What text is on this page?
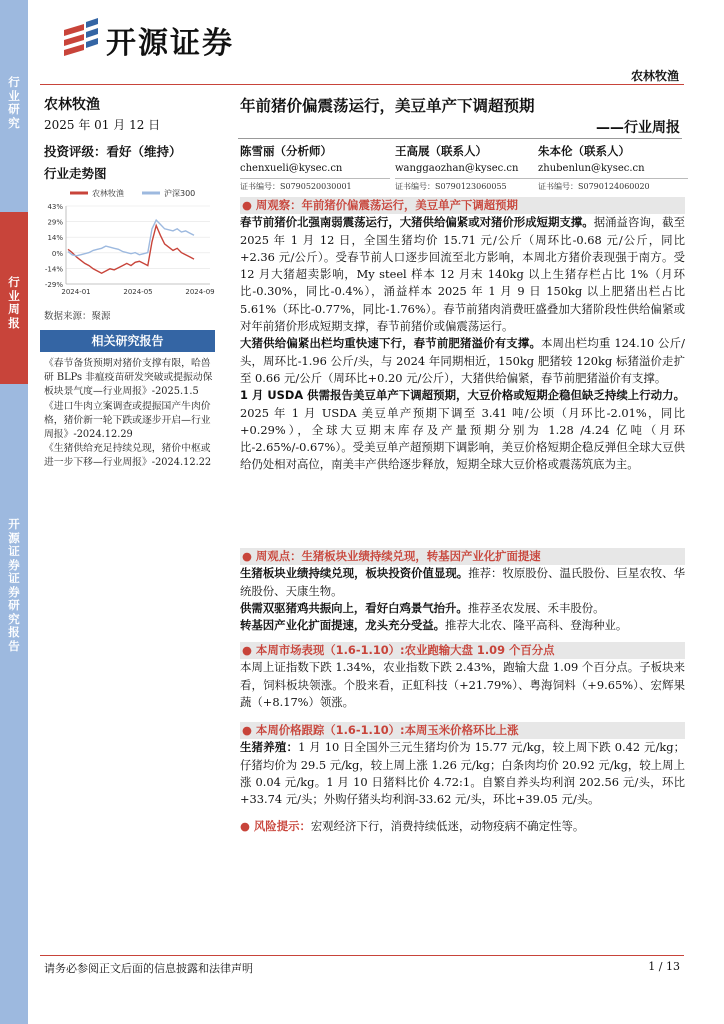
行业研究
行业周报
开源证券 证券研究报告
开源证券
农林牧渔
农林牧渔
2025 年 01 月 12 日
投资评级：看好（维持）
行业走势图
农林牧渔	沪深300
43%
29%
14%
0%
-14%
-29%
2024-01	2024-05	2024-09
数据来源：聚源
相关研究报告

《春节备货预期对猪价支撑有限，哈兽研 BLPs 非瘟疫苗研发突破或提振动保板块景气度—行业周报》-2025.1.5

《进口牛肉立案调查或提振国产牛肉价格，猪价新一轮下跌或逐步开启—行业周报》-2024.12.29

《生猪供给充足持续兑现，猪价中枢或进一步下移—行业周报》-2024.12.22

年前猪价偏震荡运行，美豆单产下调超预期
——行业周报
陈雪丽（分析师）
chenxueli@kysec.cn
证书编号：S0790520030001
王高展（联系人）
wanggaozhan@kysec.cn
证书编号：S0790123060055
朱本伦（联系人）
zhubenlun@kysec.cn
证书编号：S0790124060020
● 周观察：年前猪价偏震荡运行，美豆单产下调超预期

春节前猪价北强南弱震荡运行，大猪供给偏紧或对猪价形成短期支撑。据涌益咨询，截至 2025 年 1 月 12 日，全国生猪均价 15.71 元/公斤（周环比-0.68 元/公斤，同比+2.36 元/公斤）。受春节前人口逐步回流至北方影响，本周北方猪价表现强于南方。受 12 月大猪超卖影响，My steel 样本 12 月末 140kg 以上生猪存栏占比 1%（月环比-0.30%，同比-0.4%），涌益样本 2025 年 1 月 9 日 150kg 以上肥猪出栏占比 5.61%（环比-0.77%，同比-1.76%）。春节前猪肉消费旺盛叠加大猪阶段性供给偏紧或对年前猪价形成短期支撑，春节前猪价或偏震荡运行。

大猪供给偏紧出栏均重快速下行，春节前肥猪溢价有支撑。本周出栏均重 124.10 公斤/头，周环比-1.96 公斤/头，与 2024 年同期相近，150kg 肥猪较 120kg 标猪溢价走扩至 0.66 元/公斤（周环比+0.20 元/公斤），大猪供给偏紧，春节前肥猪溢价有支撑。

1 月 USDA 供需报告美豆单产下调超预期，大豆价格或短期企稳但缺乏持续上行动力。2025 年 1 月 USDA 美豆单产预期下调至 3.41 吨/公顷（月环比-2.01%，同比+0.29%），全球大豆期末库存及产量预期分别为 1.28 /4.24 亿吨（月环比-2.65%/-0.67%）。受美豆单产超预期下调影响，美豆价格短期企稳反弹但全球大豆供给仍处相对高位，南美丰产供给逐步释放，短期全球大豆价格或震荡筑底为主。

● 周观点：生猪板块业绩持续兑现，转基因产业化扩面提速

生猪板块业绩持续兑现，板块投资价值显现。推荐：牧原股份、温氏股份、巨星农牧、华统股份、天康生物。

供需双驱猪鸡共振向上，看好白鸡景气抬升。推荐圣农发展、禾丰股份。

转基因产业化扩面提速，龙头充分受益。推荐大北农、隆平高科、登海种业。

● 本周市场表现（1.6-1.10）:农业跑输大盘 1.09 个百分点

本周上证指数下跌 1.34%，农业指数下跌 2.43%，跑输大盘 1.09 个百分点。子板块来看，饲料板块领涨。个股来看，正虹科技（+21.79%）、粤海饲料（+9.65%）、宏辉果蔬（+8.17%）领涨。

● 本周价格跟踪（1.6-1.10）:本周玉米价格环比上涨

生猪养殖：1 月 10 日全国外三元生猪均价为 15.77 元/kg，较上周下跌 0.42 元/kg；仔猪均价为 29.5 元/kg，较上周上涨 1.26 元/kg；白条肉均价 20.92 元/kg，较上周上涨 0.04 元/kg。1 月 10 日猪料比价 4.72:1。自繁自养头均利润 202.56 元/头，环比+33.74 元/头；外购仔猪头均利润-33.62 元/头，环比+39.05 元/头。

● 风险提示：宏观经济下行，消费持续低迷，动物疫病不确定性等。

请务必参阅正文后面的信息披露和法律声明	1 / 13
